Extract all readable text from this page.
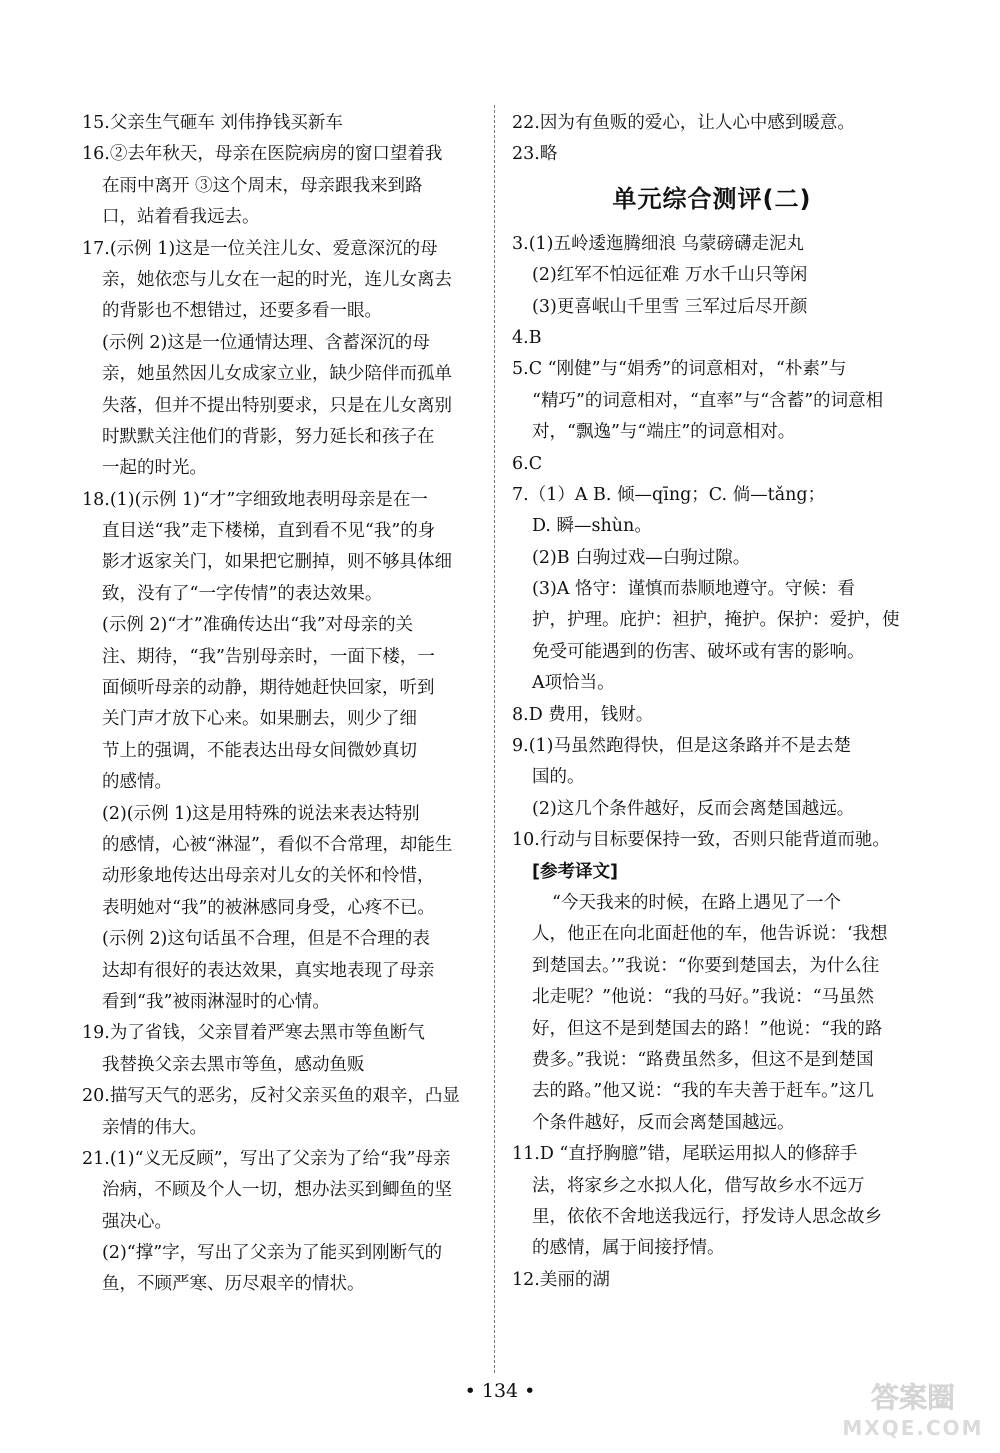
15.父亲生气砸车 刘伟挣钱买新车
16.②去年秋天，母亲在医院病房的窗口望着我
在雨中离开 ③这个周末，母亲跟我来到路
口，站着看我远去。
17.(示例 1)这是一位关注儿女、爱意深沉的母
亲，她依恋与儿女在一起的时光，连儿女离去
的背影也不想错过，还要多看一眼。
(示例 2)这是一位通情达理、含蓄深沉的母
亲，她虽然因儿女成家立业，缺少陪伴而孤单
失落，但并不提出特别要求，只是在儿女离别
时默默关注他们的背影，努力延长和孩子在
一起的时光。
18.(1)(示例 1)“才”字细致地表明母亲是在一
直目送“我”走下楼梯，直到看不见“我”的身
影才返家关门，如果把它删掉，则不够具体细
致，没有了“一字传情”的表达效果。
(示例 2)“才”准确传达出“我”对母亲的关
注、期待，“我”告别母亲时，一面下楼，一
面倾听母亲的动静，期待她赶快回家，听到
关门声才放下心来。如果删去，则少了细
节上的强调，不能表达出母女间微妙真切
的感情。
(2)(示例 1)这是用特殊的说法来表达特别
的感情，心被“淋湿”，看似不合常理，却能生
动形象地传达出母亲对儿女的关怀和怜惜，
表明她对“我”的被淋感同身受，心疼不已。
(示例 2)这句话虽不合理，但是不合理的表
达却有很好的表达效果，真实地表现了母亲
看到“我”被雨淋湿时的心情。
19.为了省钱，父亲冒着严寒去黑市等鱼断气
我替换父亲去黑市等鱼，感动鱼贩
20.描写天气的恶劣，反衬父亲买鱼的艰辛，凸显
亲情的伟大。
21.(1)“义无反顾”，写出了父亲为了给“我”母亲
治病，不顾及个人一切，想办法买到鲫鱼的坚
强决心。
(2)“撑”字，写出了父亲为了能买到刚断气的
鱼，不顾严寒、历尽艰辛的情状。
22.因为有鱼贩的爱心，让人心中感到暖意。
23.略
单元综合测评(二)
3.(1)五岭逶迤腾细浪 乌蒙磅礴走泥丸
(2)红军不怕远征难 万水千山只等闲
(3)更喜岷山千里雪 三军过后尽开颜
4.B
5.C “刚健”与“娟秀”的词意相对，“朴素”与
“精巧”的词意相对，“直率”与“含蓄”的词意相
对，“飘逸”与“端庄”的词意相对。
6.C
7.（1）A B. 倾—qīng；C. 倘—tǎng；
D. 瞬—shùn。
(2)B 白驹过戏—白驹过隙。
(3)A 恪守：谨慎而恭顺地遵守。守候：看
护，护理。庇护：袒护，掩护。保护：爱护，使
免受可能遇到的伤害、破坏或有害的影响。
A项恰当。
8.D 费用，钱财。
9.(1)马虽然跑得快，但是这条路并不是去楚
国的。
(2)这几个条件越好，反而会离楚国越远。
10.行动与目标要保持一致，否则只能背道而驰。
[参考译文]
“今天我来的时候，在路上遇见了一个
人，他正在向北面赶他的车，他告诉说：‘我想
到楚国去。’”我说：“你要到楚国去，为什么往
北走呢？”他说：“我的马好。”我说：“马虽然
好，但这不是到楚国去的路！”他说：“我的路
费多。”我说：“路费虽然多，但这不是到楚国
去的路。”他又说：“我的车夫善于赶车。”这几
个条件越好，反而会离楚国越远。
11.D “直抒胸臆”错，尾联运用拟人的修辞手
法，将家乡之水拟人化，借写故乡水不远万
里，依依不舍地送我远行，抒发诗人思念故乡
的感情，属于间接抒情。
12.美丽的湖
• 134 •	答案圈
MXQE.COM
